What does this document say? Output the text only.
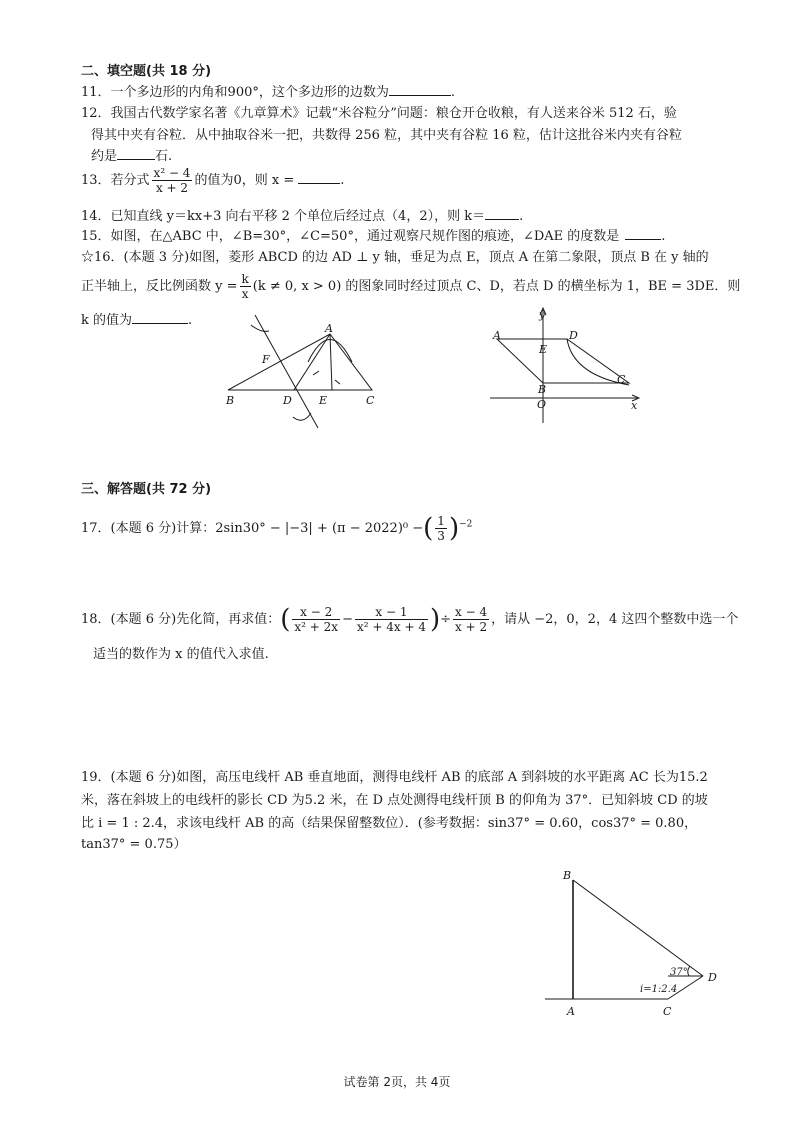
二、填空题(共 18 分)
11．一个多边形的内角和900°，这个多边形的边数为	.
12．我国古代数学家名著《九章算术》记载“米谷粒分”问题：粮仓开仓收粮，有人送来谷米 512 石，验
得其中夹有谷粒．从中抽取谷米一把，共数得 256 粒，其中夹有谷粒 16 粒，估计这批谷米内夹有谷粒
约是	石.
13．若分式 $\frac{\text{x² − 4}}{x + 2}$ 的值为0，则 x =	.
14．已知直线 y＝kx+3 向右平移 2 个单位后经过点（4，2），则 k＝	.
15．如图，在△ABC 中，∠B=30°，∠C=50°，通过观察尺规作图的痕迹，∠DAE 的度数是	.
☆16．(本题 3 分)如图，菱形 ABCD 的边 AD ⊥ y 轴，垂足为点 E，顶点 A 在第二象限，顶点 B 在 y 轴的
正半轴上，反比例函数 $y = \frac{k}{x} (k \ne 0$, x > 0) 的图象同时经过顶点 C、D，若点 D 的横坐标为 1，BE = 3DE．则
k 的值为	.
A
B	C
D E
F
A	D
E
C
B
O	x
y
三、解答题(共 72 分)
17．(本题 6 分)计算：2sin30° − |−3| + (π − 2022)⁰ −( $\frac{1}{3} )^{-2}$
18．(本题 6 分)先化简，再求值：( $\frac{x - 2}{\text{x² + 2x}} - \frac{x - 1}{\text{x² + 4x + 4}}$ )÷ $\frac{x - 4}{x + 2}$ ，请从 −2，0，2，4 这四个整数中选一个
适当的数作为 x 的值代入求值.
19．(本题 6 分)如图，高压电线杆 AB 垂直地面，测得电线杆 AB 的底部 A 到斜坡的水平距离 AC 长为15.2
米，落在斜坡上的电线杆的影长 CD 为5.2 米，在 D 点处测得电线杆顶 B 的仰角为 37°．已知斜坡 CD 的坡
比 i = 1 : 2.4，求该电线杆 AB 的高（结果保留整数位）．(参考数据：sin37° = 0.60，cos37° = 0.80，
tan37° = 0.75）
B
A	C
D
37°
i=1:2.4
试卷第 2页，共 4页
